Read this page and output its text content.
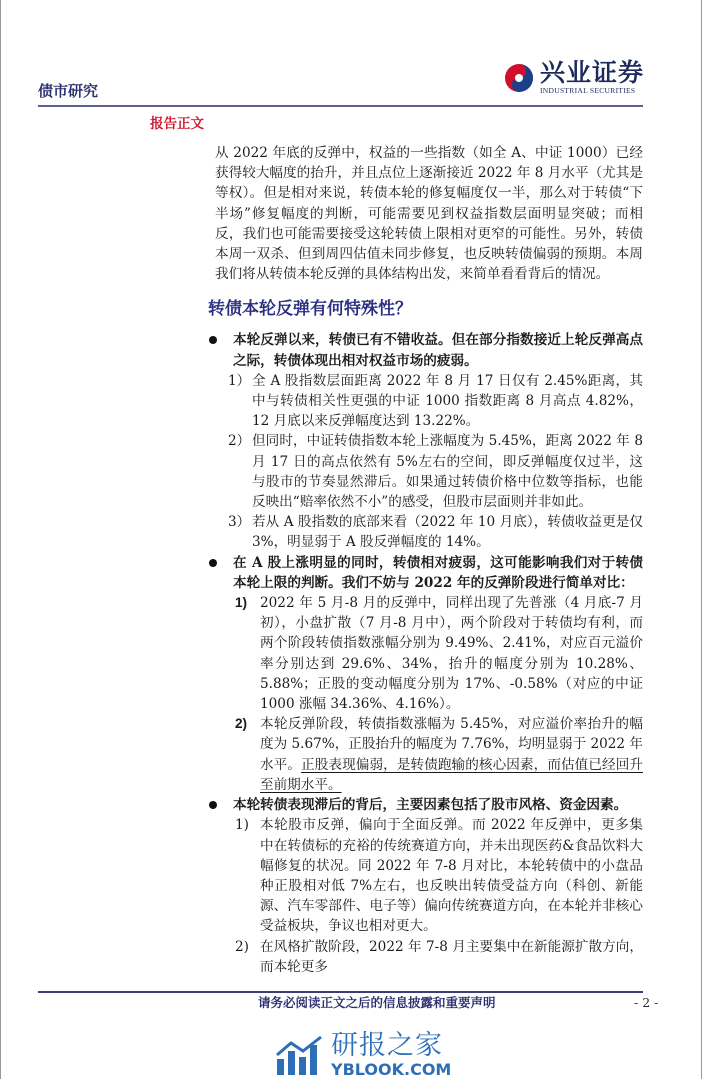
债市研究
兴业证券
INDUSTRIAL SECURITIES
报告正文
从 2022 年底的反弹中，权益的一些指数（如全 A、中证 1000）已经获得较大幅度的抬升，并且点位上逐渐接近 2022 年 8 月水平（尤其是等权）。但是相对来说，转债本轮的修复幅度仅一半，那么对于转债“下半场”修复幅度的判断，可能需要见到权益指数层面明显突破；而相反，我们也可能需要接受这轮转债上限相对更窄的可能性。另外，转债本周一双杀、但到周四估值未同步修复，也反映转债偏弱的预期。本周我们将从转债本轮反弹的具体结构出发，来简单看看背后的情况。
转债本轮反弹有何特殊性？
本轮反弹以来，转债已有不错收益。但在部分指数接近上轮反弹高点之际，转债体现出相对权益市场的疲弱。
1） 全 A 股指数层面距离 2022 年 8 月 17 日仅有 2.45%距离，其中与转债相关性更强的中证 1000 指数距离 8 月高点 4.82%，12 月底以来反弹幅度达到 13.22%。
2） 但同时，中证转债指数本轮上涨幅度为 5.45%，距离 2022 年 8 月 17 日的高点依然有 5%左右的空间，即反弹幅度仅过半，这与股市的节奏显然滞后。如果通过转债价格中位数等指标，也能反映出“赔率依然不小”的感受，但股市层面则并非如此。
3） 若从 A 股指数的底部来看（2022 年 10 月底），转债收益更是仅 3%，明显弱于 A 股反弹幅度的 14%。
在 A 股上涨明显的同时，转债相对疲弱，这可能影响我们对于转债本轮上限的判断。我们不妨与 2022 年的反弹阶段进行简单对比：
1) 2022 年 5 月-8 月的反弹中，同样出现了先普涨（4 月底-7 月初），小盘扩散（7 月-8 月中），两个阶段对于转债均有利，而两个阶段转债指数涨幅分别为 9.49%、2.41%，对应百元溢价率分别达到 29.6%、34%，抬升的幅度分别为 10.28%、5.88%；正股的变动幅度分别为 17%、-0.58%（对应的中证 1000 涨幅 34.36%、4.16%）。
2) 本轮反弹阶段，转债指数涨幅为 5.45%，对应溢价率抬升的幅度为 5.67%，正股抬升的幅度为 7.76%，均明显弱于 2022 年水平。正股表现偏弱，是转债跑输的核心因素，而估值已经回升至前期水平。
本轮转债表现滞后的背后，主要因素包括了股市风格、资金因素。
1) 本轮股市反弹，偏向于全面反弹。而 2022 年反弹中，更多集中在转债标的充裕的传统赛道方向，并未出现医药&食品饮料大幅修复的状况。同 2022 年 7-8 月对比，本轮转债中的小盘品种正股相对低 7%左右，也反映出转债受益方向（科创、新能源、汽车零部件、电子等）偏向传统赛道方向，在本轮并非核心受益板块，争议也相对更大。
2) 在风格扩散阶段，2022 年 7-8 月主要集中在新能源扩散方向，而本轮更多
请务必阅读正文之后的信息披露和重要声明	- 2 -
研报之家
YBLOOK.COM
